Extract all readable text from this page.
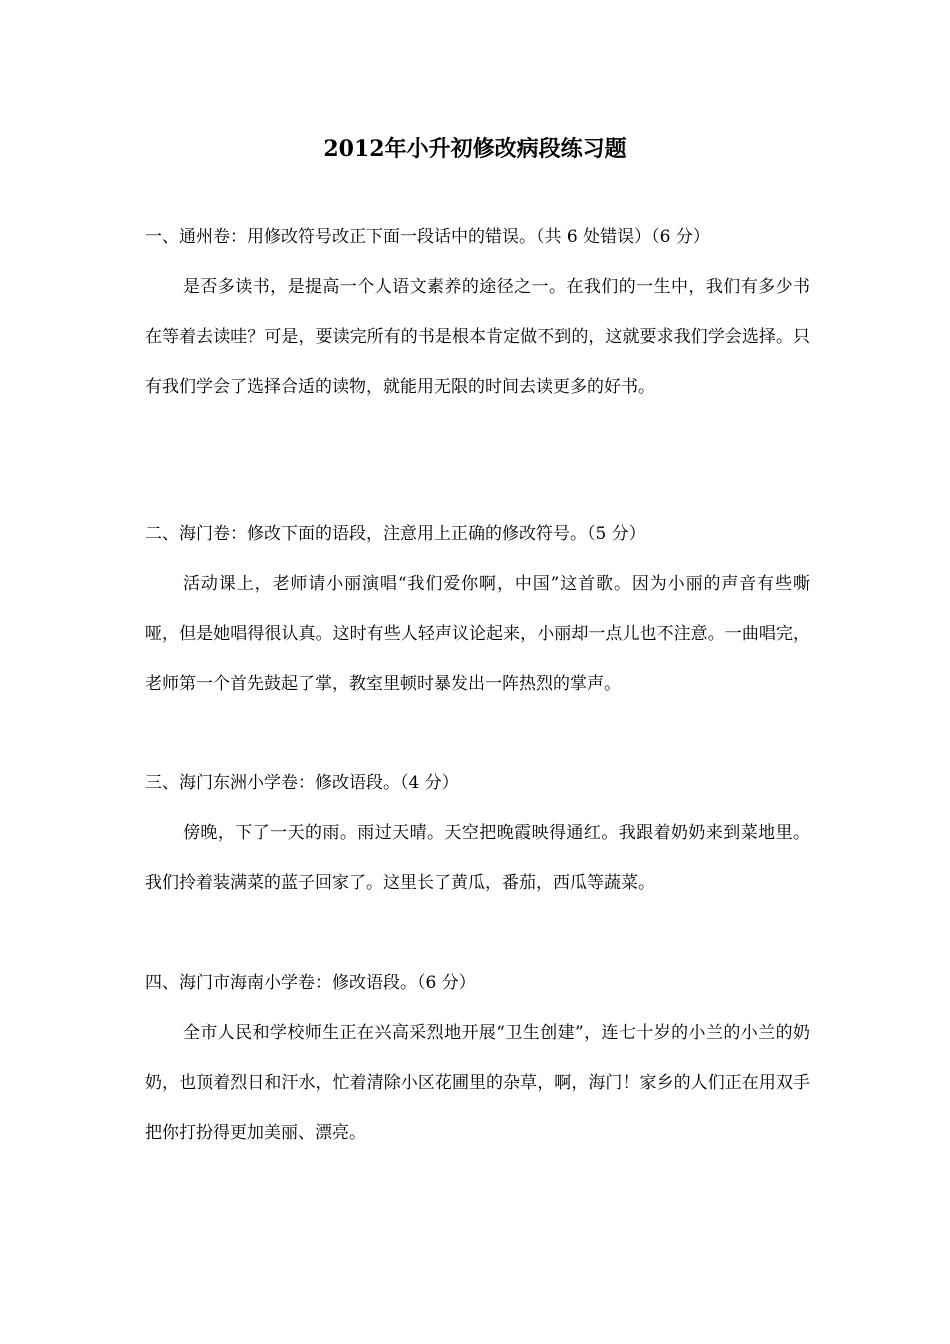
2012年小升初修改病段练习题
一、通州卷：用修改符号改正下面一段话中的错误。（共 6 处错误）（6 分）

是否多读书，是提高一个人语文素养的途径之一。在我们的一生中，我们有多少书在等着去读哇？可是，要读完所有的书是根本肯定做不到的，这就要求我们学会选择。只有我们学会了选择合适的读物，就能用无限的时间去读更多的好书。

二、海门卷：修改下面的语段，注意用上正确的修改符号。（5 分）

活动课上，老师请小丽演唱“我们爱你啊，中国”这首歌。因为小丽的声音有些嘶哑，但是她唱得很认真。这时有些人轻声议论起来，小丽却一点儿也不注意。一曲唱完，老师第一个首先鼓起了掌，教室里顿时暴发出一阵热烈的掌声。

三、海门东洲小学卷：修改语段。（4 分）

傍晚，下了一天的雨。雨过天晴。天空把晚霞映得通红。我跟着奶奶来到菜地里。我们拎着装满菜的蓝子回家了。这里长了黄瓜，番茄，西瓜等蔬菜。

四、海门市海南小学卷：修改语段。（6 分）

全市人民和学校师生正在兴高采烈地开展“卫生创建”，连七十岁的小兰的小兰的奶奶，也顶着烈日和汗水，忙着清除小区花圃里的杂草，啊，海门！家乡的人们正在用双手把你打扮得更加美丽、漂亮。
